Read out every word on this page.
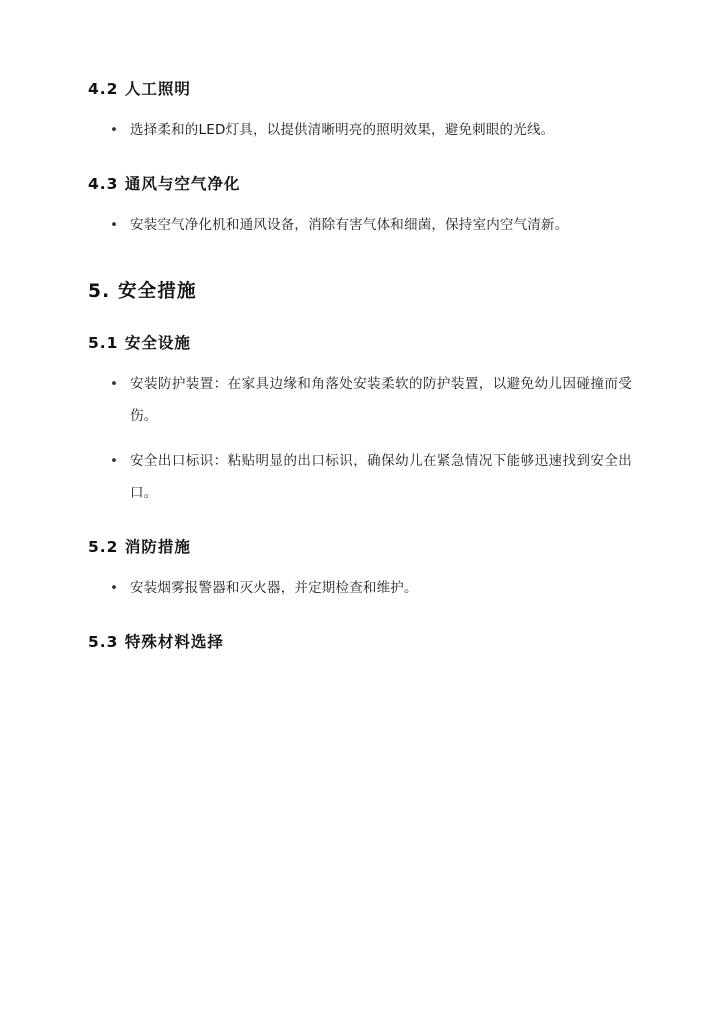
4.2 人工照明
• 选择柔和的LED灯具，以提供清晰明亮的照明效果，避免刺眼的光线。
4.3 通风与空气净化
• 安装空气净化机和通风设备，消除有害气体和细菌，保持室内空气清新。
5. 安全措施
5.1 安全设施
• 安装防护装置：在家具边缘和角落处安装柔软的防护装置，以避免幼儿因碰撞而受伤。
• 安全出口标识：粘贴明显的出口标识，确保幼儿在紧急情况下能够迅速找到安全出口。
5.2 消防措施
• 安装烟雾报警器和灭火器，并定期检查和维护。
5.3 特殊材料选择
